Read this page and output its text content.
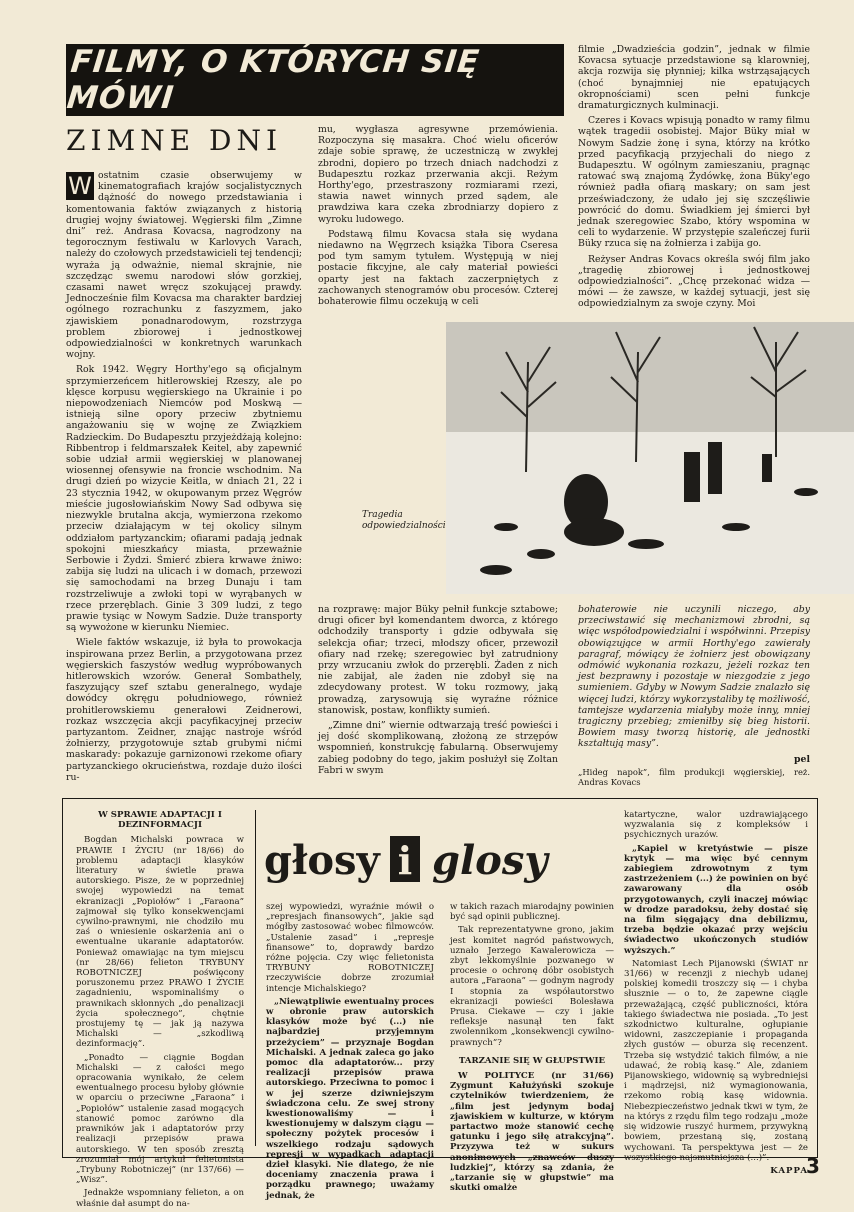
FILMY, O KTÓRYCH SIĘ MÓWI
ZIMNE DNI

W ostatnim czasie obserwujemy w kinematografiach krajów socjalistycznych dążność do nowego przedstawiania i komentowania faktów związanych z historią drugiej wojny światowej. Węgierski film „Zimne dni” reż. Andrasa Kovacsa, nagrodzony na tegorocznym festiwalu w Karlovych Varach, należy do czołowych przedstawicieli tej tendencji; wyraża ją odważnie, niemal skrajnie, nie szczędząc swemu narodowi słów gorzkiej, czasami nawet wręcz szokującej prawdy. Jednocześnie film Kovacsa ma charakter bardziej ogólnego rozrachunku z faszyzmem, jako zjawiskiem ponadnarodowym, rozstrzyga problem zbiorowej i jednostkowej odpowiedzialności w konkretnych warunkach wojny.

Rok 1942. Węgry Horthy'ego są oficjalnym sprzymierzeńcem hitlerowskiej Rzeszy, ale po klęsce korpusu węgierskiego na Ukrainie i po niepowodzeniach Niemców pod Moskwą — istnieją silne opory przeciw zbytniemu angażowaniu się w wojnę ze Związkiem Radzieckim. Do Budapesztu przyjeżdżają kolejno: Ribbentrop i feldmarszałek Keitel, aby zapewnić sobie udział armii węgierskiej w planowanej wiosennej ofensywie na froncie wschodnim. Na drugi dzień po wizycie Keitla, w dniach 21, 22 i 23 stycznia 1942, w okupowanym przez Węgrów mieście jugosłowiańskim Nowy Sad odbywa się niezwykle brutalna akcja, wymierzona rzekomo przeciw działającym w tej okolicy silnym oddziałom partyzanckim; ofiarami padają jednak spokojni mieszkańcy miasta, przeważnie Serbowie i Żydzi. Śmierć zbiera krwawe żniwo: zabija się ludzi na ulicach i w domach, przewozi się samochodami na brzeg Dunaju i tam rozstrzeliwuje a zwłoki topi w wyrąbanych w rzece przeręblach. Ginie 3 309 ludzi, z tego prawie tysiąc w Nowym Sadzie. Duże transporty są wywożone w kierunku Niemiec.

Wiele faktów wskazuje, iż była to prowokacja inspirowana przez Berlin, a przygotowana przez węgierskich faszystów według wypróbowanych hitlerowskich wzorów. Generał Sombathely, faszyzujący szef sztabu generalnego, wydaje dowódcy okręgu południowego, również prohitlerowskiemu generałowi Zeidnerowi, rozkaz wszczęcia akcji pacyfikacyjnej przeciw partyzantom. Zeidner, znając nastroje wśród żołnierzy, przygotowuje sztab grubymi nićmi maskarady: pokazuje garnizonowi rzekome ofiary partyzanckiego okrucieństwa, rozdaje dużo ilości ru-

mu, wygłasza agresywne przemówienia. Rozpoczyna się masakra. Choć wielu oficerów zdaje sobie sprawę, że uczestniczą w zwykłej zbrodni, dopiero po trzech dniach nadchodzi z Budapesztu rozkaz przerwania akcji. Reżym Horthy'ego, przestraszony rozmiarami rzezi, stawia nawet winnych przed sądem, ale prawdziwa kara czeka zbrodniarzy dopiero z wyroku ludowego.

Podstawą filmu Kovacsa stała się wydana niedawno na Węgrzech książka Tibora Cseresa pod tym samym tytułem. Występują w niej postacie fikcyjne, ale cały materiał powieści oparty jest na faktach zaczerpniętych z zachowanych stenogramów obu procesów. Czterej bohaterowie filmu oczekują w celi

filmie „Dwadzieścia godzin”, jednak w filmie Kovacsa sytuacje przedstawione są klarowniej, akcja rozwija się płynniej; kilka wstrząsających (choć bynajmniej nie epatujących okropnościami) scen pełni funkcje dramaturgicznych kulminacji.

Czeres i Kovacs wpisują ponadto w ramy filmu wątek tragedii osobistej. Major Büky miał w Nowym Sadzie żonę i syna, którzy na krótko przed pacyfikacją przyjechali do niego z Budapesztu. W ogólnym zamieszaniu, pragnąc ratować swą znajomą Żydówkę, żona Büky'ego również padła ofiarą maskary; on sam jest przeświadczony, że udało jej się szczęśliwie powrócić do domu. Świadkiem jej śmierci był jednak szeregowiec Szabo, który wspomina w celi to wydarzenie. W przystępie szaleńczej furii Büky rzuca się na żołnierza i zabija go.

Reżyser Andras Kovacs określa swój film jako „tragedię zbiorowej i jednostkowej odpowiedzialności”. „Chcę przekonać widza — mówi — że zawsze, w każdej sytuacji, jest się odpowiedzialnym za swoje czyny. Moi

Tragedia odpowiedzialności

na rozprawę: major Büky pełnił funkcje sztabowe; drugi oficer był komendantem dworca, z którego odchodziły transporty i gdzie odbywała się selekcja ofiar; trzeci, młodszy oficer, przewoził ofiary nad rzekę; szeregowiec był zatrudniony przy wrzucaniu zwłok do przerębli. Żaden z nich nie zabijał, ale żaden nie zdobył się na zdecydowany protest. W toku rozmowy, jaką prowadzą, zarysowują się wyraźne różnice stanowisk, postaw, konflikty sumień.

„Zimne dni” wiernie odtwarzają treść powieści i jej dość skomplikowaną, złożoną ze strzępów wspomnień, konstrukcję fabularną. Obserwujemy zabieg podobny do tego, jakim posłużył się Zoltan Fabri w swym

bohaterowie nie uczynili niczego, aby przeciwstawić się mechanizmowi zbrodni, są więc współodpowiedzialni i współwinni. Przepisy obowiązujące w armii Horthy'ego zawierały paragraf, mówiący że żołnierz jest obowiązany odmówić wykonania rozkazu, jeżeli rozkaz ten jest bezprawny i pozostaje w niezgodzie z jego sumieniem. Gdyby w Nowym Sadzie znalazło się więcej ludzi, którzy wykorzystaliby tę możliwość, tamtejsze wydarzenia miałyby może inny, mniej tragiczny przebieg; zmieniłby się bieg historii. Bowiem masy tworzą historię, ale jednostki kształtują masy”.

pel
„Hideg napok”, film produkcji węgierskiej, reż. Andras Kovacs
głosy i glosy

W SPRAWIE ADAPTACJI I DEZINFORMACJI

Bogdan Michalski powraca w PRAWIE I ŻYCIU (nr 18/66) do problemu adaptacji klasyków literatury w świetle prawa autorskiego. Pisze, że w poprzedniej swojej wypowiedzi na temat ekranizacji „Popiołów” i „Faraona” zajmował się tylko konsekwencjami cywilno-prawnymi, nie chodziło mu zaś o wniesienie oskarżenia ani o ewentualne ukaranie adaptatorów. Ponieważ omawiając na tym miejscu (nr 28/66) felieton TRYBUNY ROBOTNICZEJ poświęcony poruszonemu przez PRAWO I ŻYCIE zagadnieniu, wspominaliśmy o prawnikach skłonnych „do penalizacji życia społecznego”, chętnie prostujemy tę — jak ją nazywa Michalski — „szkodliwą dezinformację”.

„Ponadto — ciągnie Bogdan Michalski — z całości mego opracowania wynikało, że celem ewentualnego procesu byłoby głównie w oparciu o przeciwne „Faraona” i „Popiołów” ustalenie zasad mogących stanowić pomoc zarówno dla prawników jak i adaptatorów przy realizacji przepisów prawa autorskiego. W ten sposób zresztą zrozumiał mój artykuł felietonista „Trybuny Robotniczej” (nr 137/66) — „Wisz”.

Jednakże wspomniany felieton, a on właśnie dał asumpt do na-

szej wypowiedzi, wyraźnie mówił o „represjach finansowych”, jakie sąd mógłby zastosować wobec filmowców. „Ustalenie zasad” i „represje finansowe” to, doprawdy bardzo różne pojęcia. Czy więc felietonista TRYBUNY ROBOTNICZEJ rzeczywiście dobrze zrozumiał intencje Michalskiego?

„Niewątpliwie ewentualny proces w obronie praw autorskich klasyków może być (...) nie najbardziej przyjemnym przeżyciem” — przyznaje Bogdan Michalski. A jednak zaleca go jako pomoc dla adaptatorów... przy realizacji przepisów prawa autorskiego. Przeciwna to pomoc i w jej szerze dziwniejszym świadczona celu. Ze swej strony kwestionowaliśmy — i kwestionujemy w dalszym ciągu — społeczny pożytek procesów i wszelkiego rodzaju sądowych represji w wypadkach adaptacji dzieł klasyki. Nie dlatego, że nie doceniamy znaczenia prawa i porządku prawnego; uważamy jednak, że

w takich razach miarodajny powinien być sąd opinii publicznej.

Tak reprezentatywne grono, jakim jest komitet nagród państwowych, uznało Jerzego Kawalerowicza — zbyt lekkomyślnie pozwanego w procesie o ochronę dóbr osobistych autora „Faraona” — godnym nagrody I stopnia za współautorstwo ekranizacji powieści Bolesława Prusa. Ciekawe — czy i jakie refleksje nasunął ten fakt zwolennikom „konsekwencji cywilno-prawnych”?

TARZANIE SIĘ W GŁUPSTWIE

W POLITYCE (nr 31/66) Zygmunt Kałużyński szokuje czytelników twierdzeniem, że „film jest jedynym bodaj zjawiskiem w kulturze, w którym partactwo może stanowić cechę gatunku i jego siłę atrakcyjną”. Przyzywa też w sukurs anonimowych „znawców duszy ludzkiej”, którzy są zdania, że „tarzanie się w głupstwie” ma skutki omalże

katartyczne, walor uzdrawiającego wyzwalania się z kompleksów i psychicznych urazów.

„Kapiel w kretyństwie — pisze krytyk — ma więc być cennym zabiegiem zdrowotnym z tym zastrzeżeniem (...) że powinien on być zawarowany dla osób przygotowanych, czyli inaczej mówiąc w drodze paradoksu, żeby dostać się na film sięgający dna debilizmu, trzeba będzie okazać przy wejściu świadectwo ukończonych studiów wyższych.”

Natomiast Lech Pijanowski (ŚWIAT nr 31/66) w recenzji z niechyb udanej polskiej komedii troszczy się — i chyba słusznie — o to, że zapewne ciągle przeważającą, część publiczności, która takiego świadectwa nie posiada. „To jest szkodnictwo kulturalne, ogłupianie widowni, zaszczepianie i propaganda złych gustów — oburza się recenzent. Trzeba się wstydzić takich filmów, a nie udawać, że robią kasę.” Ale, zdaniem Pijanowskiego, widownię są wybredniejsi i mądrzejsi, niż wymagionowania, rzekomo robią kasę widownia. Niebezpieczeństwo jednak tkwi w tym, że na którys z rzędu film tego rodzaju „może się widzowie ruszyć hurmem, przywykną bowiem, przestaną się, zostaną wychowani. Ta perspektywa jest — że wszystkiego najsmutniejsza (...)”.

KAPPA

3
